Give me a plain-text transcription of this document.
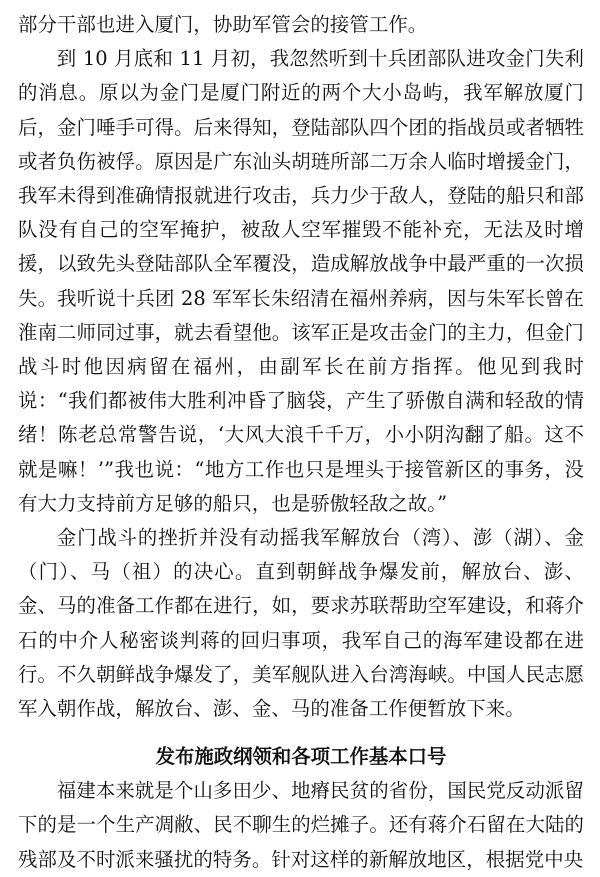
部分干部也进入厦门，协助军管会的接管工作。

到 10 月底和 11 月初，我忽然听到十兵团部队进攻金门失利的消息。原以为金门是厦门附近的两个大小岛屿，我军解放厦门后，金门唾手可得。后来得知，登陆部队四个团的指战员或者牺牲或者负伤被俘。原因是广东汕头胡琏所部二万余人临时增援金门，我军未得到准确情报就进行攻击，兵力少于敌人，登陆的船只和部队没有自己的空军掩护，被敌人空军摧毁不能补充，无法及时增援，以致先头登陆部队全军覆没，造成解放战争中最严重的一次损失。我听说十兵团 28 军军长朱绍清在福州养病，因与朱军长曾在淮南二师同过事，就去看望他。该军正是攻击金门的主力，但金门战斗时他因病留在福州，由副军长在前方指挥。他见到我时说：“我们都被伟大胜利冲昏了脑袋，产生了骄傲自满和轻敌的情绪！陈老总常警告说，‘大风大浪千千万，小小阴沟翻了船。这不就是嘛！’”我也说：“地方工作也只是埋头于接管新区的事务，没有大力支持前方足够的船只，也是骄傲轻敌之故。”

金门战斗的挫折并没有动摇我军解放台（湾）、澎（湖）、金（门）、马（祖）的决心。直到朝鲜战争爆发前，解放台、澎、金、马的准备工作都在进行，如，要求苏联帮助空军建设，和蒋介石的中介人秘密谈判蒋的回归事项，我军自己的海军建设都在进行。不久朝鲜战争爆发了，美军舰队进入台湾海峡。中国人民志愿军入朝作战，解放台、澎、金、马的准备工作便暂放下来。

发布施政纲领和各项工作基本口号

福建本来就是个山多田少、地瘠民贫的省份，国民党反动派留下的是一个生产凋敝、民不聊生的烂摊子。还有蒋介石留在大陆的残部及不时派来骚扰的特务。针对这样的新解放地区，根据党中央
